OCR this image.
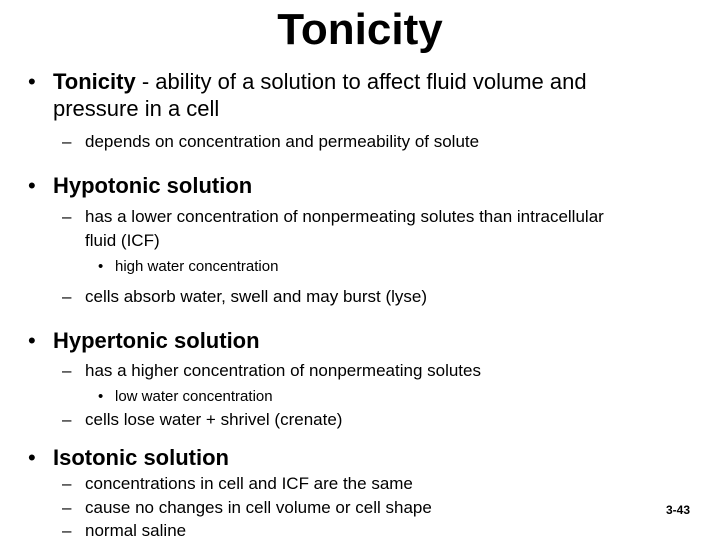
Tonicity
• Tonicity - ability of a solution to affect fluid volume and
pressure in a cell
– depends on concentration and permeability of solute
• Hypotonic solution
– has a lower concentration of nonpermeating solutes than intracellular
fluid (ICF)
• high water concentration
– cells absorb water, swell and may burst (lyse)
• Hypertonic solution
– has a higher concentration of nonpermeating solutes
• low water concentration
– cells lose water + shrivel (crenate)
• Isotonic solution
– concentrations in cell and ICF are the same
– cause no changes in cell volume or cell shape
– normal saline
3-43
